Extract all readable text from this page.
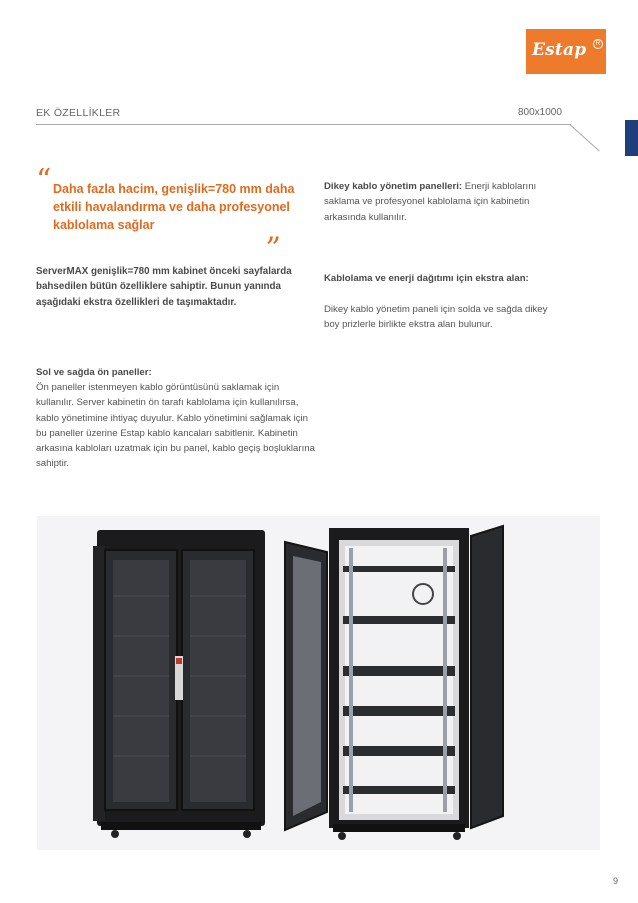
Estap	R
EK ÖZELLİKLER	800x1000
“ Daha fazla hacim, genişlik=780 mm daha etkili havalandırma ve daha profesyonel kablolama sağlar	„
ServerMAX genişlik=780 mm kabinet önceki sayfalarda bahsedilen bütün özelliklere sahiptir. Bunun yanında aşağıdaki ekstra özellikleri de taşımaktadır.
Sol ve sağda ön paneller:
Ön paneller istenmeyen kablo görüntüsünü saklamak için kullanılır. Server kabinetin ön tarafı kablolama için kullanılırsa, kablo yönetimine ihtiyaç duyulur. Kablo yönetimini sağlamak için bu paneller üzerine Estap kablo kancaları sabitlenir. Kabinetin arkasına kabloları uzatmak için bu panel, kablo geçiş boşluklarına sahiptir.
Dikey kablo yönetim panelleri: Enerji kablolarını saklama ve profesyonel kablolama için kabinetin arkasında kullanılır.
Kablolama ve enerji dağıtımı için ekstra alan:
Dikey kablo yönetim paneli için solda ve sağda dikey boy prizlerle birlikte ekstra alan bulunur.
9
